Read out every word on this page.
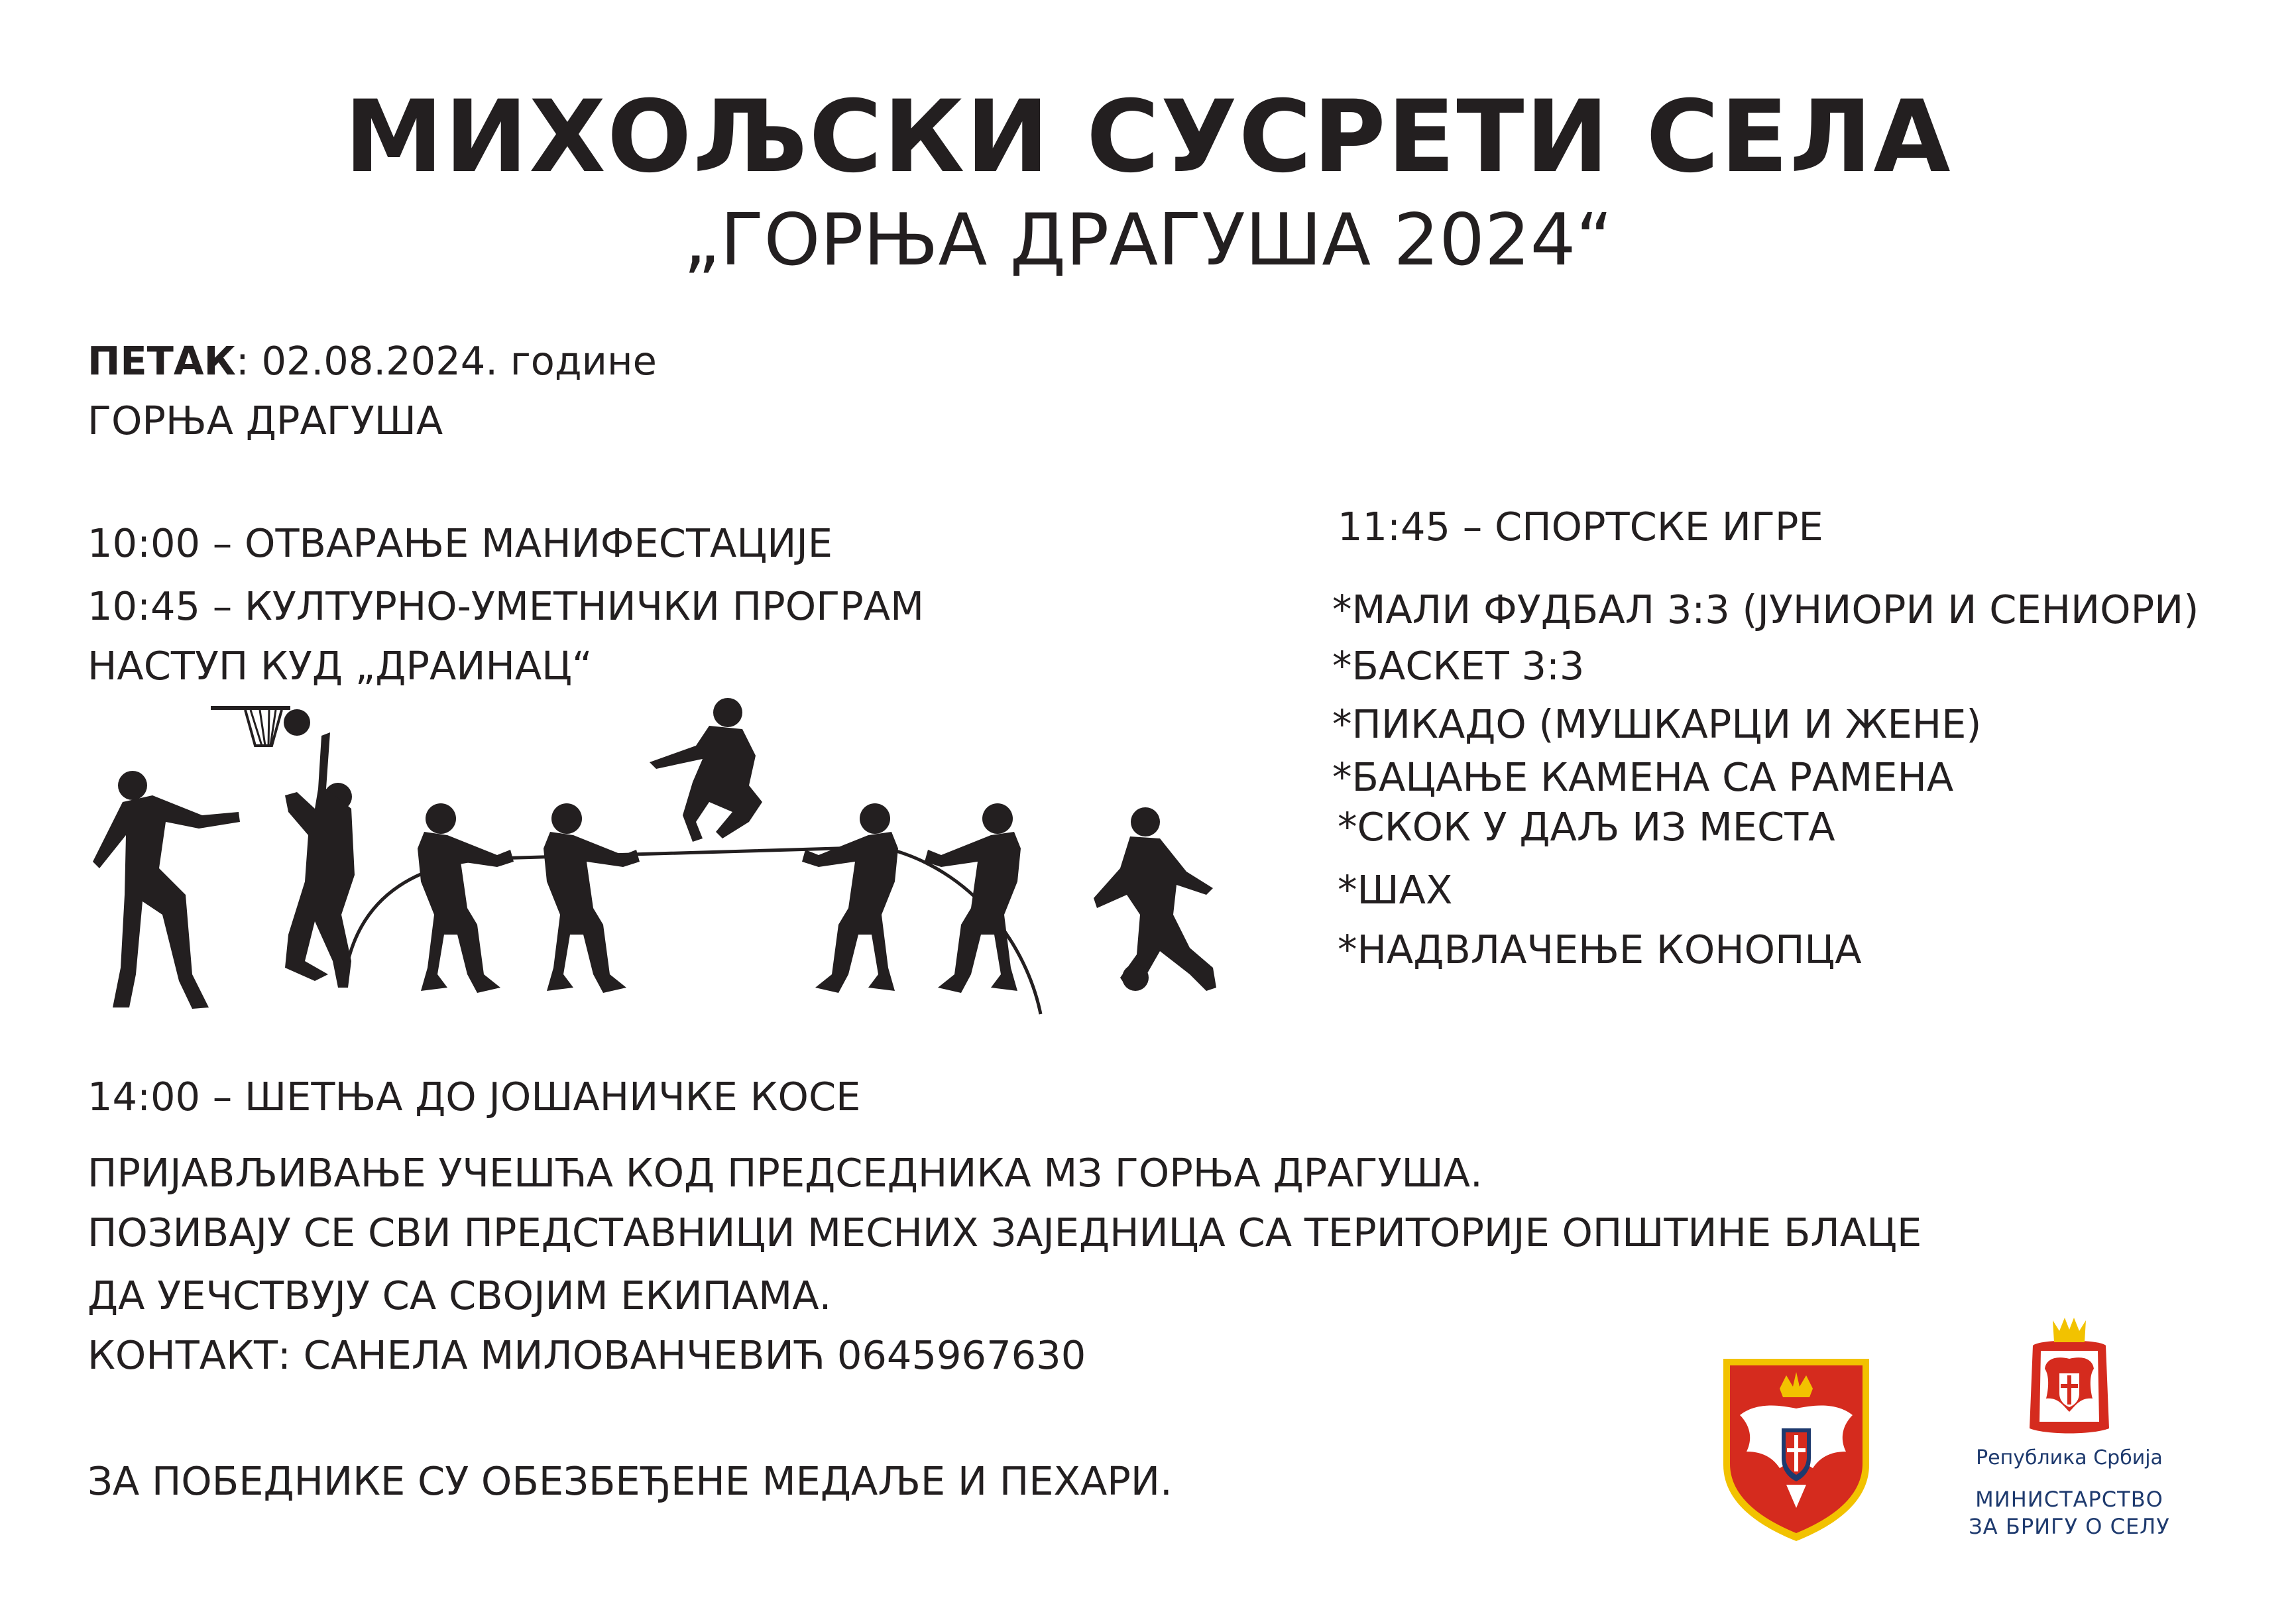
МИХОЉСКИ СУСРЕТИ СЕЛА
„ГОРЊА ДРАГУША 2024“
ПЕТАК: 02.08.2024. године
ГОРЊА ДРАГУША
10:00 – ОТВАРАЊЕ МАНИФЕСТАЦИЈЕ
10:45 – КУЛТУРНО-УМЕТНИЧКИ ПРОГРАМ
НАСТУП КУД „ДРАИНАЦ“
11:45 – СПОРТСКЕ ИГРЕ
*МАЛИ ФУДБАЛ 3:3 (ЈУНИОРИ И СЕНИОРИ)
*БАСКЕТ 3:3
*ПИКАДО (МУШКАРЦИ И ЖЕНЕ)
*БАЦАЊЕ КАМЕНА СА РАМЕНА
*СКОК У ДАЉ ИЗ МЕСТА
*ШАХ
*НАДВЛАЧЕЊЕ КОНОПЦА
14:00 – ШЕТЊА ДО ЈОШАНИЧКЕ КОСЕ
ПРИЈАВЉИВАЊЕ УЧЕШЋА КОД ПРЕДСЕДНИКА МЗ ГОРЊА ДРАГУША.
ПОЗИВАЈУ СЕ СВИ ПРЕДСТАВНИЦИ МЕСНИХ ЗАЈЕДНИЦА СА ТЕРИТОРИЈЕ ОПШТИНЕ БЛАЦЕ
ДА УЕЧСТВУЈУ СА СВОЈИМ ЕКИПАМА.
КОНТАКТ: САНЕЛА МИЛОВАНЧЕВИЋ 0645967630
ЗА ПОБЕДНИКЕ СУ ОБЕЗБЕЂЕНЕ МЕДАЉЕ И ПЕХАРИ.
Република Србија
МИНИСТАРСТВО
ЗА БРИГУ О СЕЛУ
